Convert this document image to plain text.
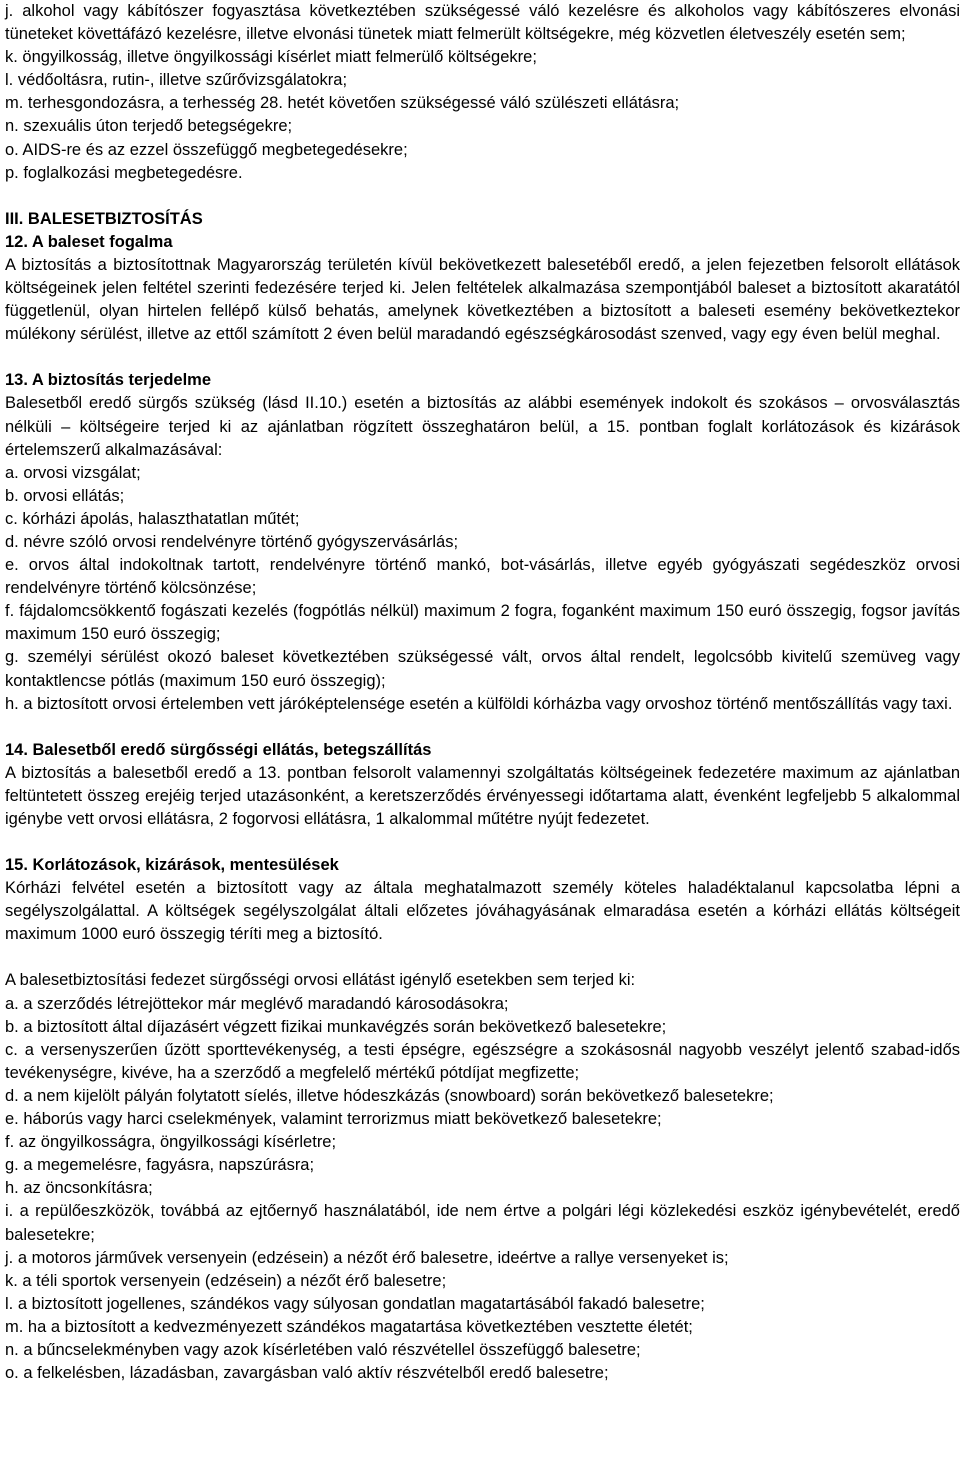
j. alkohol vagy kábítószer fogyasztása következtében szükségessé váló kezelésre és alkoholos vagy kábítószeres elvonási tüneteket követtáfázó kezelésre, illetve elvonási tünetek miatt felmerült költségekre, még közvetlen életveszély esetén sem;

k. öngyilkosság, illetve öngyilkossági kísérlet miatt felmerülő költségekre;

l. védőoltásra, rutin-, illetve szűrővizsgálatokra;

m. terhesgondozásra, a terhesség 28. hetét követően szükségessé váló szülészeti ellátásra;

n. szexuális úton terjedő betegségekre;

o. AIDS-re és az ezzel összefüggő megbetegedésekre;

p. foglalkozási megbetegedésre.

III. BALESETBIZTOSÍTÁS

12. A baleset fogalma

A biztosítás a biztosítottnak Magyarország területén kívül bekövetkezett balesetéből eredő, a jelen fejezetben felsorolt ellátások költségeinek jelen feltétel szerinti fedezésére terjed ki. Jelen feltételek alkalmazása szempontjából baleset a biztosított akaratától függetlenül, olyan hirtelen fellépő külső behatás, amelynek következtében a biztosított a baleseti esemény bekövetkeztekor múlékony sérülést, illetve az ettől számított 2 éven belül maradandó egészségkárosodást szenved, vagy egy éven belül meghal.

13. A biztosítás terjedelme

Balesetből eredő sürgős szükség (lásd II.10.) esetén a biztosítás az alábbi események indokolt és szokásos – orvosválasztás nélküli – költségeire terjed ki az ajánlatban rögzített összeghatáron belül, a 15. pontban foglalt korlátozások és kizárások értelemszerű alkalmazásával:

a. orvosi vizsgálat;

b. orvosi ellátás;

c. kórházi ápolás, halaszthatatlan műtét;

d. névre szóló orvosi rendelvényre történő gyógyszervásárlás;

e. orvos által indokoltnak tartott, rendelvényre történő mankó, bot-vásárlás, illetve egyéb gyógyászati segédeszköz orvosi rendelvényre történő kölcsönzése;

f. fájdalomcsökkentő fogászati kezelés (fogpótlás nélkül) maximum 2 fogra, foganként maximum 150 euró összegig, fogsor javítás maximum 150 euró összegig;

g. személyi sérülést okozó baleset következtében szükségessé vált, orvos által rendelt, legolcsóbb kivitelű szemüveg vagy kontaktlencse pótlás (maximum 150 euró összegig);

h. a biztosított orvosi értelemben vett járóképtelensége esetén a külföldi kórházba vagy orvoshoz történő mentőszállítás vagy taxi.

14. Balesetből eredő sürgősségi ellátás, betegszállítás

A biztosítás a balesetből eredő a 13. pontban felsorolt valamennyi szolgáltatás költségeinek fedezetére maximum az ajánlatban feltüntetett összeg erejéig terjed utazásonként, a keretszerződés érvényessegi időtartama alatt, évenként legfeljebb 5 alkalommal igénybe vett orvosi ellátásra, 2 fogorvosi ellátásra, 1 alkalommal műtétre nyújt fedezetet.

15. Korlátozások, kizárások, mentesülések

Kórházi felvétel esetén a biztosított vagy az általa meghatalmazott személy köteles haladéktalanul kapcsolatba lépni a segélyszolgálattal. A költségek segélyszolgálat általi előzetes jóváhagyásának elmaradása esetén a kórházi ellátás költségeit maximum 1000 euró összegig téríti meg a biztosító.

A balesetbiztosítási fedezet sürgősségi orvosi ellátást igénylő esetekben sem terjed ki:

a. a szerződés létrejöttekor már meglévő maradandó károsodásokra;

b. a biztosított által díjazásért végzett fizikai munkavégzés során bekövetkező balesetekre;

c. a versenyszerűen űzött sporttevékenység, a testi épségre, egészségre a szokásosnál nagyobb veszélyt jelentő szabad-idős tevékenységre, kivéve, ha a szerződő a megfelelő mértékű pótdíjat megfizette;

d. a nem kijelölt pályán folytatott síelés, illetve hódeszkázás (snowboard) során bekövetkező balesetekre;

e. háborús vagy harci cselekmények, valamint terrorizmus miatt bekövetkező balesetekre;

f. az öngyilkosságra, öngyilkossági kísérletre;

g. a megemelésre, fagyásra, napszúrásra;

h. az öncsonkításra;

i. a repülőeszközök, továbbá az ejtőernyő használatából, ide nem értve a polgári légi közlekedési eszköz igénybevételét, eredő balesetekre;

j. a motoros járművek versenyein (edzésein) a nézőt érő balesetre, ideértve a rallye versenyeket is;

k. a téli sportok versenyein (edzésein) a nézőt érő balesetre;

l. a biztosított jogellenes, szándékos vagy súlyosan gondatlan magatartásából fakadó balesetre;

m. ha a biztosított a kedvezményezett szándékos magatartása következtében vesztette életét;

n. a bűncselekményben vagy azok kísérletében való részvétellel összefüggő balesetre;

o. a felkelésben, lázadásban, zavargásban való aktív részvételből eredő balesetre;
